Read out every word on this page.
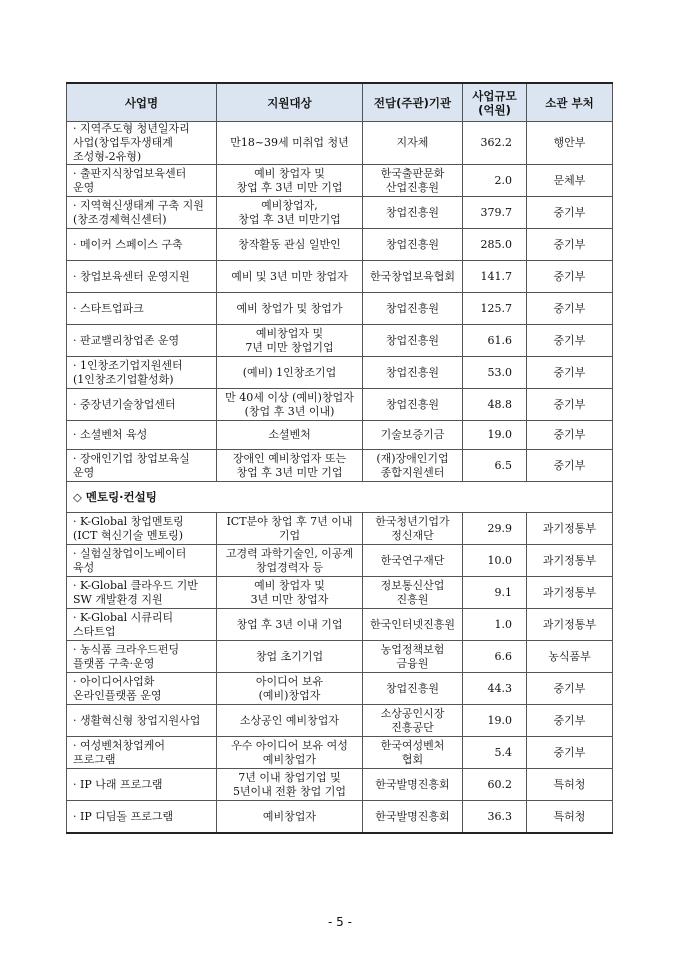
사업명	지원대상	전담(주관)기관	사업규모
(억원)	소관 부처
· 지역주도형 청년일자리
사업(창업투자생태계
조성형-2유형)	만18~39세 미취업 청년	지자체	362.2	행안부
· 출판지식창업보육센터
운영	예비 창업자 및
창업 후 3년 미만 기업	한국출판문화
산업진흥원	2.0	문체부
· 지역혁신생태계 구축 지원
(창조경제혁신센터)	예비창업자,
창업 후 3년 미만기업	창업진흥원	379.7	중기부
· 메이커 스페이스 구축	창작활동 관심 일반인	창업진흥원	285.0	중기부
· 창업보육센터 운영지원	예비 및 3년 미만 창업자	한국창업보육협회	141.7	중기부
· 스타트업파크	예비 창업가 및 창업가	창업진흥원	125.7	중기부
· 판교밸리창업존 운영	예비창업자 및
7년 미만 창업기업	창업진흥원	61.6	중기부
· 1인창조기업지원센터
(1인창조기업활성화)	(예비) 1인창조기업	창업진흥원	53.0	중기부
· 중장년기술창업센터	만 40세 이상 (예비)창업자
(창업 후 3년 이내)	창업진흥원	48.8	중기부
· 소셜벤처 육성	소셜벤처	기술보증기금	19.0	중기부
· 장애인기업 창업보육실
운영	장애인 예비창업자 또는
창업 후 3년 미만 기업	(재)장애인기업
종합지원센터	6.5	중기부
◇ 멘토링·컨설팅				
· K-Global 창업멘토링
(ICT 혁신기술 멘토링)	ICT분야 창업 후 7년 이내
기업	한국청년기업가
정신재단	29.9	과기정통부
· 실험실창업이노베이터
육성	고경력 과학기술인, 이공계
창업경력자 등	한국연구재단	10.0	과기정통부
· K-Global 클라우드 기반
SW 개발환경 지원	예비 창업자 및
3년 미만 창업자	정보통신산업
진흥원	9.1	과기정통부
· K-Global 시큐리티
스타트업	창업 후 3년 이내 기업	한국인터넷진흥원	1.0	과기정통부
· 농식품 크라우드펀딩
플랫폼 구축·운영	창업 초기기업	농업정책보험
금융원	6.6	농식품부
· 아이디어사업화
온라인플랫폼 운영	아이디어 보유
(예비)창업자	창업진흥원	44.3	중기부
· 생활혁신형 창업지원사업	소상공인 예비창업자	소상공인시장
진흥공단	19.0	중기부
· 여성벤처창업케어
프로그램	우수 아이디어 보유 여성
예비창업가	한국여성벤처
협회	5.4	중기부
· IP 나래 프로그램	7년 이내 창업기업 및
5년이내 전환 창업 기업	한국발명진흥회	60.2	특허청
· IP 디딤돌 프로그램	예비창업자	한국발명진흥회	36.3	특허청
- 5 -
